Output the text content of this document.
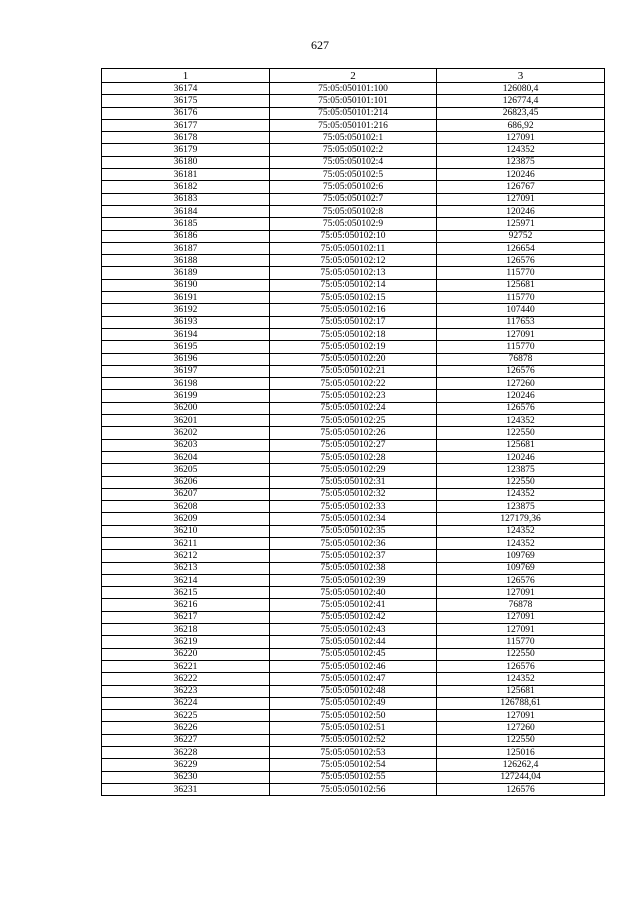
627
1	2	3
36174	75:05:050101:100	126080,4
36175	75:05:050101:101	126774,4
36176	75:05:050101:214	26823,45
36177	75:05:050101:216	686,92
36178	75:05:050102:1	127091
36179	75:05:050102:2	124352
36180	75:05:050102:4	123875
36181	75:05:050102:5	120246
36182	75:05:050102:6	126767
36183	75:05:050102:7	127091
36184	75:05:050102:8	120246
36185	75:05:050102:9	125971
36186	75:05:050102:10	92752
36187	75:05:050102:11	126654
36188	75:05:050102:12	126576
36189	75:05:050102:13	115770
36190	75:05:050102:14	125681
36191	75:05:050102:15	115770
36192	75:05:050102:16	107440
36193	75:05:050102:17	117653
36194	75:05:050102:18	127091
36195	75:05:050102:19	115770
36196	75:05:050102:20	76878
36197	75:05:050102:21	126576
36198	75:05:050102:22	127260
36199	75:05:050102:23	120246
36200	75:05:050102:24	126576
36201	75:05:050102:25	124352
36202	75:05:050102:26	122550
36203	75:05:050102:27	125681
36204	75:05:050102:28	120246
36205	75:05:050102:29	123875
36206	75:05:050102:31	122550
36207	75:05:050102:32	124352
36208	75:05:050102:33	123875
36209	75:05:050102:34	127179,36
36210	75:05:050102:35	124352
36211	75:05:050102:36	124352
36212	75:05:050102:37	109769
36213	75:05:050102:38	109769
36214	75:05:050102:39	126576
36215	75:05:050102:40	127091
36216	75:05:050102:41	76878
36217	75:05:050102:42	127091
36218	75:05:050102:43	127091
36219	75:05:050102:44	115770
36220	75:05:050102:45	122550
36221	75:05:050102:46	126576
36222	75:05:050102:47	124352
36223	75:05:050102:48	125681
36224	75:05:050102:49	126788,61
36225	75:05:050102:50	127091
36226	75:05:050102:51	127260
36227	75:05:050102:52	122550
36228	75:05:050102:53	125016
36229	75:05:050102:54	126262,4
36230	75:05:050102:55	127244,04
36231	75:05:050102:56	126576
